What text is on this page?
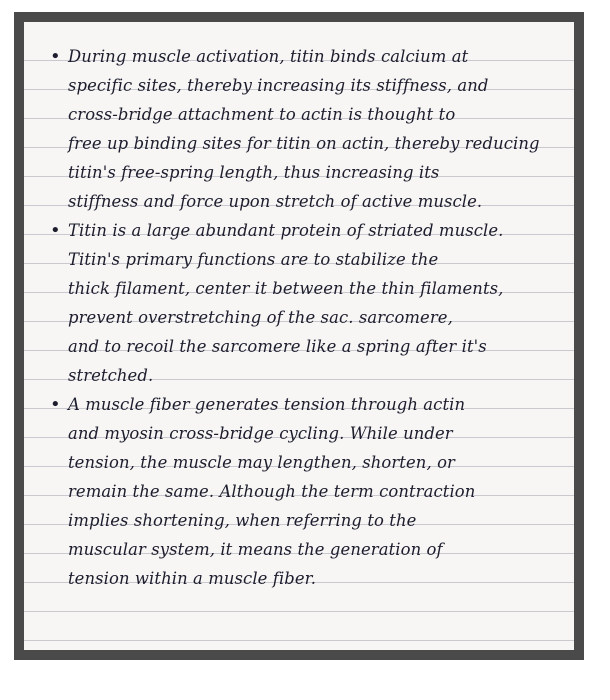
• During muscle activation, titin binds calcium at
specific sites, thereby increasing its stiffness, and
cross-bridge attachment to actin is thought to
free up binding sites for titin on actin, thereby reducing
titin's free-spring length, thus increasing its
stiffness and force upon stretch of active muscle.
• Titin is a large abundant protein of striated muscle.
Titin's primary functions are to stabilize the
thick filament, center it between the thin filaments,
prevent overstretching of the sac. sarcomere,
and to recoil the sarcomere like a spring after it's
stretched.
• A muscle fiber generates tension through actin
and myosin cross-bridge cycling. While under
tension, the muscle may lengthen, shorten, or
remain the same. Although the term contraction
implies shortening, when referring to the
muscular system, it means the generation of
tension within a muscle fiber.
